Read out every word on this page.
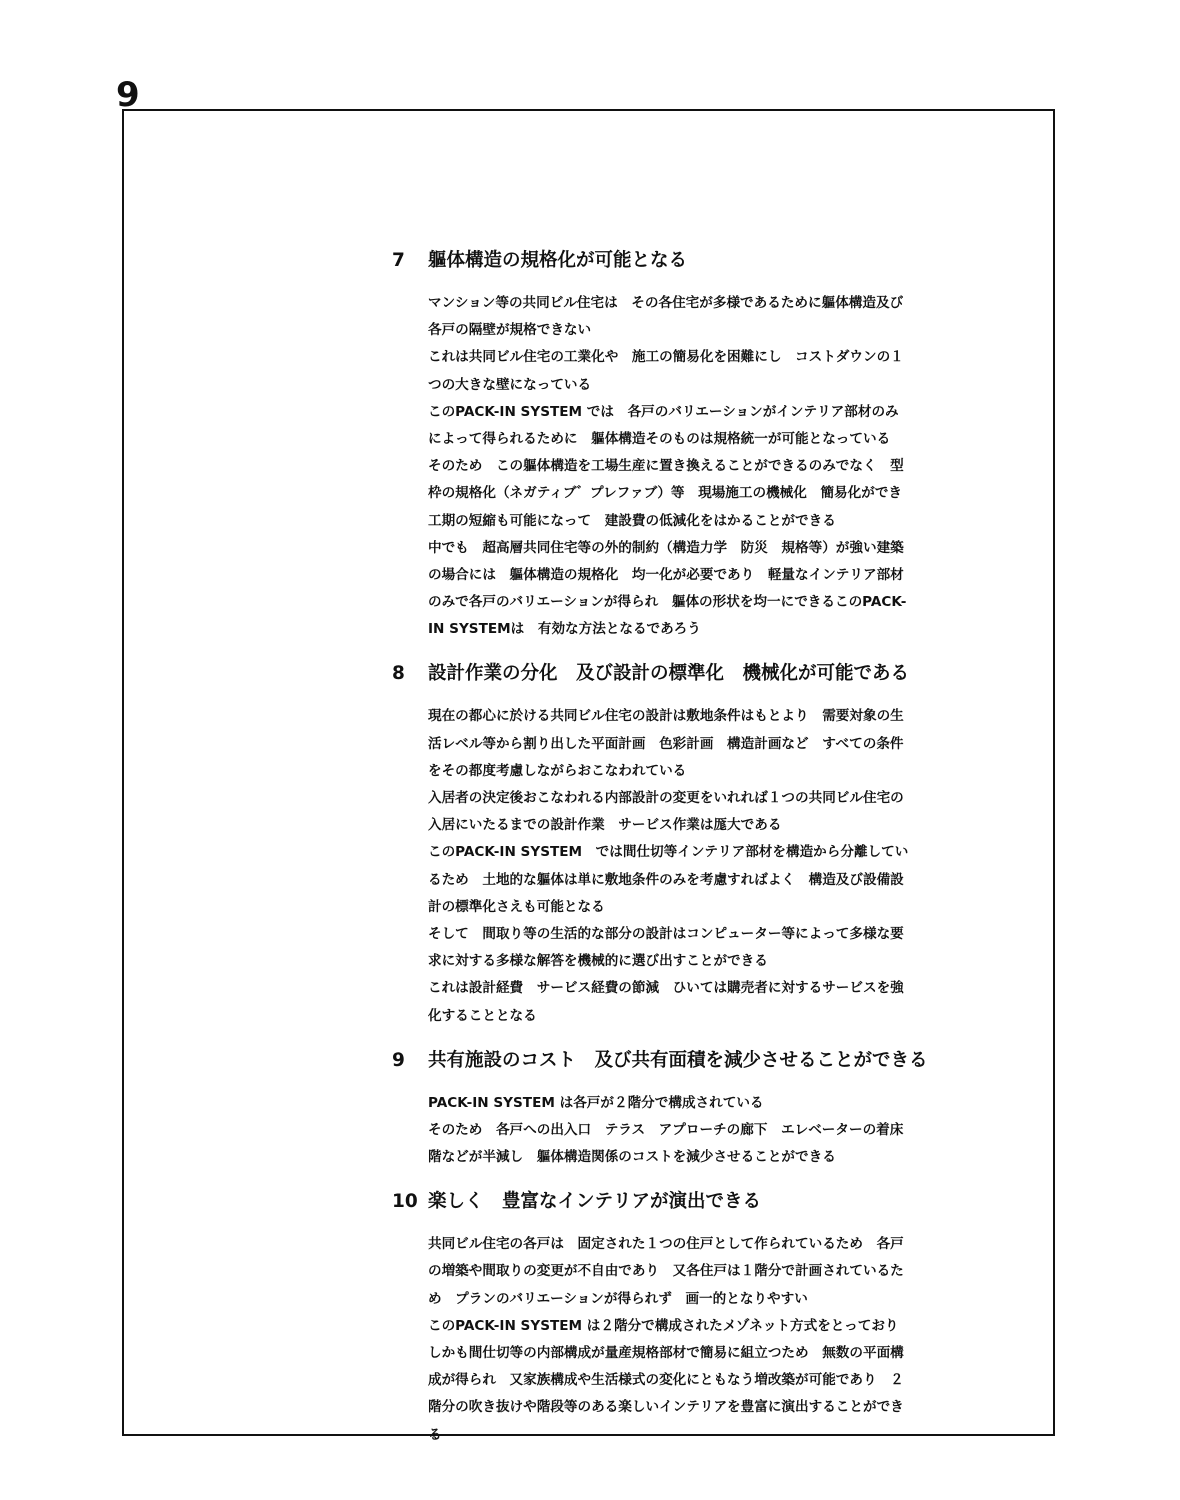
9
7	軀体構造の規格化が可能となる
マンション等の共同ビル住宅は　その各住宅が多様であるために軀体構造及び
各戸の隔壁が規格できない
これは共同ビル住宅の工業化や　施工の簡易化を困難にし　コストダウンの１
つの大きな壁になっている
このPACK-IN SYSTEM では　各戸のバリエーションがインテリア部材のみ
によって得られるために　軀体構造そのものは規格統一が可能となっている
そのため　この軀体構造を工場生産に置き換えることができるのみでなく　型
枠の規格化（ネガティブ゛プレファブ）等　現場施工の機械化　簡易化ができ
工期の短縮も可能になって　建設費の低減化をはかることができる
中でも　超高層共同住宅等の外的制約（構造力学　防災　規格等）が強い建築
の場合には　軀体構造の規格化　均一化が必要であり　軽量なインテリア部材
のみで各戸のバリエーションが得られ　軀体の形状を均一にできるこのPACK-
IN SYSTEMは　有効な方法となるであろう
8	設計作業の分化　及び設計の標準化　機械化が可能である
現在の都心に於ける共同ビル住宅の設計は敷地条件はもとより　需要対象の生
活レベル等から割り出した平面計画　色彩計画　構造計画など　すべての条件
をその都度考慮しながらおこなわれている
入居者の決定後おこなわれる内部設計の変更をいれれば１つの共同ビル住宅の
入居にいたるまでの設計作業　サービス作業は厖大である
このPACK-IN SYSTEM　では間仕切等インテリア部材を構造から分離してい
るため　土地的な軀体は単に敷地条件のみを考慮すればよく　構造及び設備設
計の標準化さえも可能となる
そして　間取り等の生活的な部分の設計はコンピューター等によって多様な要
求に対する多様な解答を機械的に選び出すことができる
これは設計経費　サービス経費の節減　ひいては購売者に対するサービスを強
化することとなる
9	共有施設のコスト　及び共有面積を減少させることができる
PACK-IN SYSTEM は各戸が２階分で構成されている
そのため　各戸への出入口　テラス　アプローチの廊下　エレベーターの着床
階などが半減し　軀体構造関係のコストを減少させることができる
10 楽しく　豊富なインテリアが演出できる
共同ビル住宅の各戸は　固定された１つの住戸として作られているため　各戸
の増築や間取りの変更が不自由であり　又各住戸は１階分で計画されているた
め　プランのバリエーションが得られず　画一的となりやすい
このPACK-IN SYSTEM は２階分で構成されたメゾネット方式をとっており
しかも間仕切等の内部構成が量産規格部材で簡易に組立つため　無数の平面構
成が得られ　又家族構成や生活様式の変化にともなう増改築が可能であり　２
階分の吹き抜けや階段等のある楽しいインテリアを豊富に演出することができ
る
